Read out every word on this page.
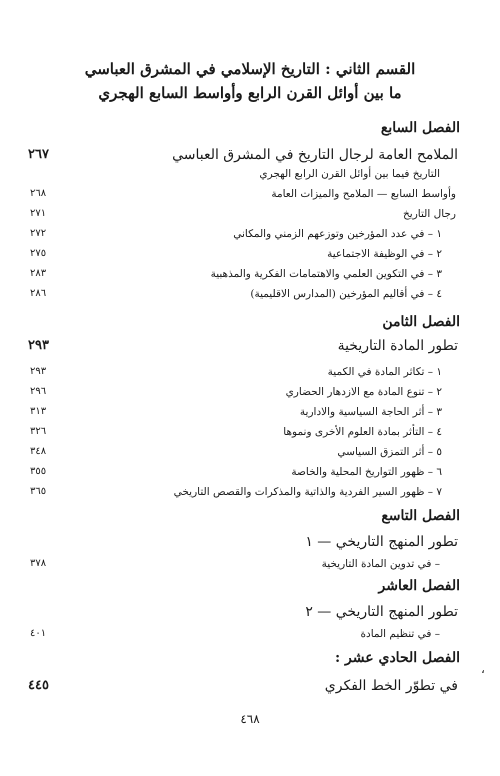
القسم الثاني : التاريخ الإسلامي في المشرق العباسي
ما بين أوائل القرن الرابع وأواسط السابع الهجري
الفصل السابع
الملامح العامة لرجال التاريخ في المشرق العباسي
٢٦٧
التاريخ فيما بين أوائل القرن الرابع الهجري
وأواسط السابع — الملامح والميزات العامة
٢٦٨
رجال التاريخ
٢٧١
١ – في عدد المؤرخين وتوزعهم الزمني والمكاني
٢٧٢
٢ – في الوظيفة الاجتماعية
٢٧٥
٣ – في التكوين العلمي والاهتمامات الفكرية والمذهبية
٢٨٣
٤ – في أقاليم المؤرخين (المدارس الاقليمية)
٢٨٦
الفصل الثامن
تطور المادة التاريخية
٢٩٣
١ – تكاثر المادة في الكمية
٢٩٣
٢ – تنوع المادة مع الازدهار الحضاري
٢٩٦
٣ – أثر الحاجة السياسية والادارية
٣١٣
٤ – التأثر بمادة العلوم الأخرى ونموها
٣٢٦
٥ – أثر التمزق السياسي
٣٤٨
٦ – ظهور التواريخ المحلية والخاصة
٣٥٥
٧ – ظهور السير الفردية والذاتية والمذكرات والقصص التاريخي
٣٦٥
الفصل التاسع
تطور المنهج التاريخي — ١
– في تدوين المادة التاريخية
٣٧٨
الفصل العاشر
تطور المنهج التاريخي — ٢
– في تنظيم المادة
٤٠١
الفصل الحادي عشر :
في تطوّر الخط الفكري
٤٤٥
،
٤٦٨
